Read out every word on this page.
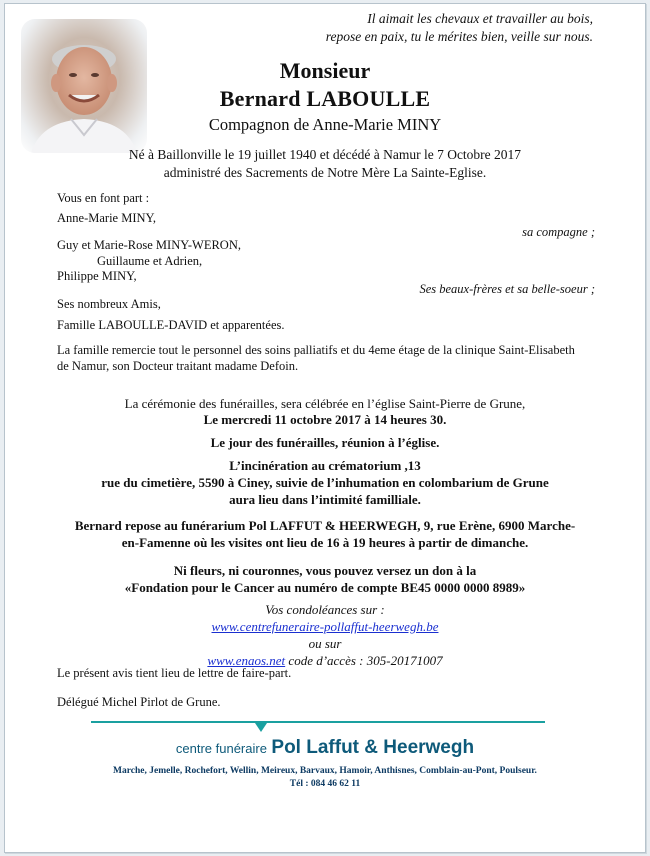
Il aimait les chevaux et travailler au bois,
repose en paix, tu le mérites bien, veille sur nous.
Monsieur
Bernard LABOULLE
Compagnon de Anne-Marie MINY
Né à Baillonville le 19 juillet 1940 et décédé à Namur le 7 Octobre 2017
administré des Sacrements de Notre Mère La Sainte-Eglise.
Vous en font part :
Anne-Marie MINY,
sa compagne ;
Guy et Marie-Rose MINY-WERON,
Guillaume et Adrien,
Philippe MINY,
Ses beaux-frères et sa belle-soeur ;
Ses nombreux Amis,
Famille LABOULLE-DAVID et apparentées.
La famille remercie tout le personnel des soins palliatifs et du 4eme étage de la clinique Saint-Elisabeth
de Namur, son Docteur traitant madame Defoin.
La cérémonie des funérailles, sera célébrée en l’église Saint-Pierre de Grune,
Le mercredi 11 octobre 2017 à 14 heures 30.
Le jour des funérailles, réunion à l’église.
L’incinération au crématorium ,13
rue du cimetière, 5590 à Ciney, suivie de l’inhumation en colombarium de Grune
aura lieu dans l’intimité familliale.
Bernard repose au funérarium Pol LAFFUT & HEERWEGH, 9, rue Erène, 6900 Marche-
en-Famenne où les visites ont lieu de 16 à 19 heures à partir de dimanche.
Ni fleurs, ni couronnes, vous pouvez versez un don à la
«Fondation pour le Cancer au numéro de compte BE45 0000 0000 8989»
Vos condoléances sur :
www.centrefuneraire-pollaffut-heerwegh.be
ou sur
www.enaos.net code d’accès : 305-20171007
Le présent avis tient lieu de lettre de faire-part.
Délégué Michel Pirlot de Grune.
centre funéraire Pol Laffut & Heerwegh
Marche, Jemelle, Rochefort, Wellin, Meireux, Barvaux, Hamoir, Anthisnes, Comblain-au-Pont, Poulseur.
Tél : 084 46 62 11
